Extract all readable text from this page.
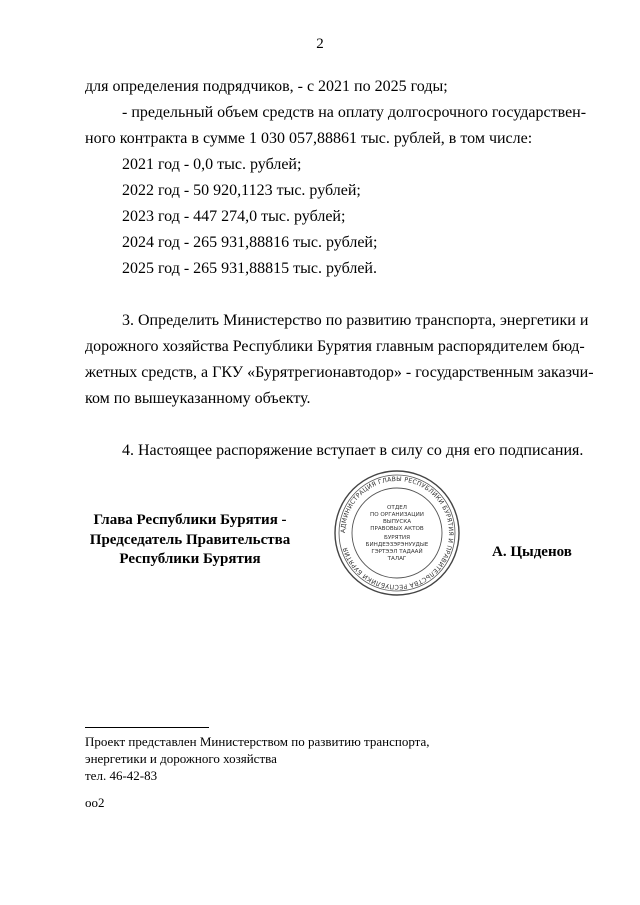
2
для определения подрядчиков, - с 2021 по 2025 годы;
- предельный объем средств на оплату долгосрочного государствен-
ного контракта в сумме 1 030 057,88861 тыс. рублей, в том числе:
2021 год - 0,0 тыс. рублей;
2022 год - 50 920,1123 тыс. рублей;
2023 год - 447 274,0 тыс. рублей;
2024 год - 265 931,88816 тыс. рублей;
2025 год - 265 931,88815 тыс. рублей.
3. Определить Министерство по развитию транспорта, энергетики и
дорожного хозяйства Республики Бурятия главным распорядителем бюд-
жетных средств, а ГКУ «Бурятрегионавтодор» - государственным заказчи-
ком по вышеуказанному объекту.
4. Настоящее распоряжение вступает в силу со дня его подписания.
Глава Республики Бурятия -
Председатель Правительства
Республики Бурятия
АДМИНИСТРАЦИЯ ГЛАВЫ РЕСПУБЛИКИ БУРЯТИЯ И ПРАВИТЕЛЬСТВА РЕСПУБЛИКИ БУРЯТИЯ
ОТДЕЛ
ПО ОРГАНИЗАЦИИ
ВЫПУСКА
ПРАВОВЫХ АКТОВ
БУРЯТИЯ
БИНДЕЭЗЭРЭНУУДЫЕ
ГЭРТЭЭЛ ТАДААЙ
ТАЛАГ	А. Цыденов
Проект представлен Министерством по развитию транспорта,
энергетики и дорожного хозяйства
тел. 46-42-83
оо2
